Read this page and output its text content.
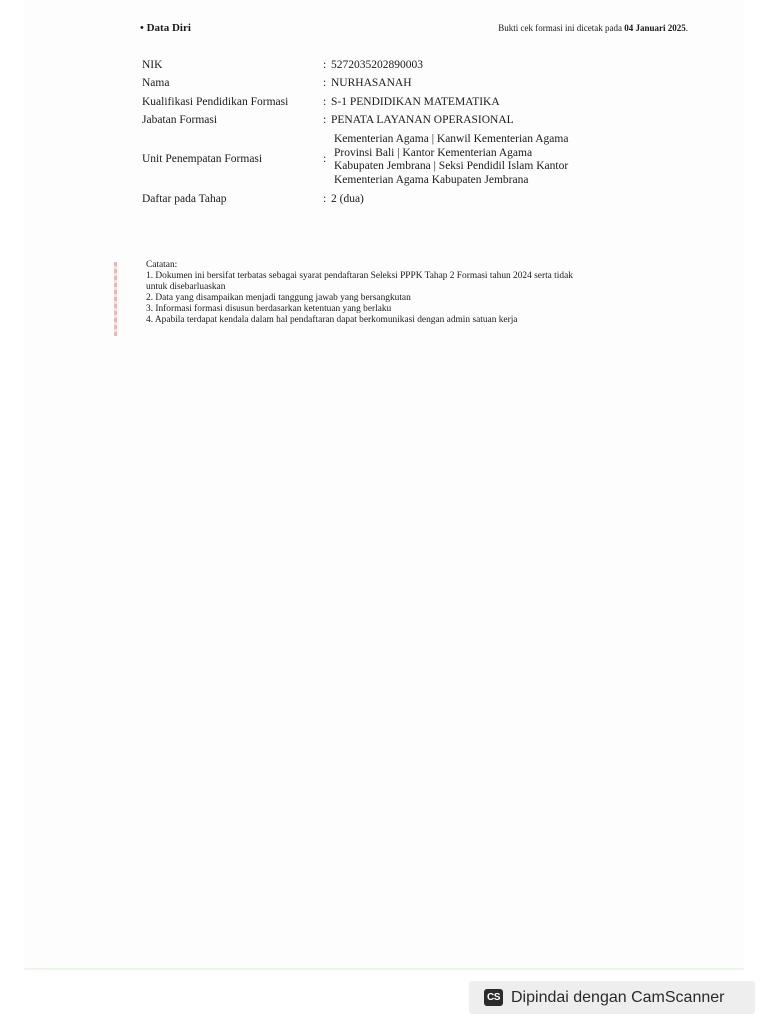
• Data Diri	Bukti cek formasi ini dicetak pada 04 Januari 2025.
NIK	:	5272035202890003
Nama	:	NURHASANAH
Kualifikasi Pendidikan Formasi	:	S-1 PENDIDIKAN MATEMATIKA
Jabatan Formasi	:	PENATA LAYANAN OPERASIONAL
Unit Penempatan Formasi	:	Kementerian Agama | Kanwil Kementerian Agama Provinsi Bali | Kantor Kementerian Agama Kabupaten Jembrana | Seksi Pendidil Islam Kantor Kementerian Agama Kabupaten Jembrana

Daftar pada Tahap	:	2 (dua)

Catatan:

1. Dokumen ini bersifat terbatas sebagai syarat pendaftaran Seleksi PPPK Tahap 2 Formasi tahun 2024 serta tidak

untuk disebarluaskan

2. Data yang disampaikan menjadi tanggung jawab yang bersangkutan

3. Informasi formasi disusun berdasarkan ketentuan yang berlaku

4. Apabila terdapat kendala dalam hal pendaftaran dapat berkomunikasi dengan admin satuan kerja

CS Dipindai dengan CamScanner
